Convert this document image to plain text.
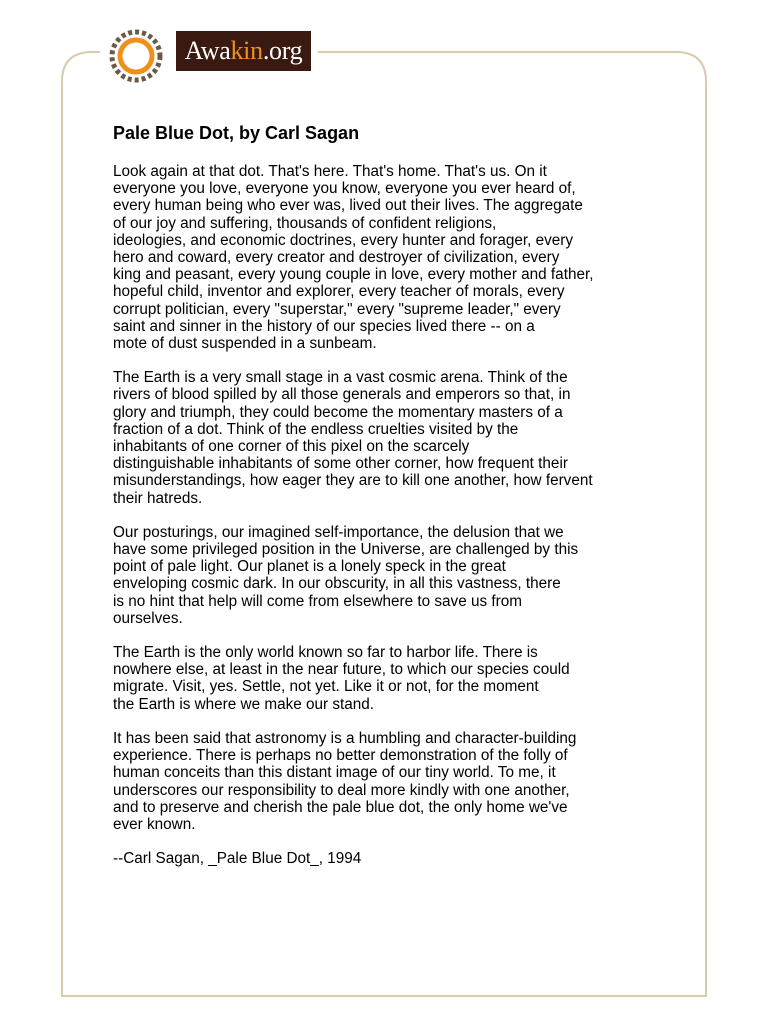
Awakin.org
Pale Blue Dot, by Carl Sagan

Look again at that dot. That's here. That's home. That's us. On it
everyone you love, everyone you know, everyone you ever heard of,
every human being who ever was, lived out their lives. The aggregate
of our joy and suffering, thousands of confident religions,
ideologies, and economic doctrines, every hunter and forager, every
hero and coward, every creator and destroyer of civilization, every
king and peasant, every young couple in love, every mother and father,
hopeful child, inventor and explorer, every teacher of morals, every
corrupt politician, every "superstar," every "supreme leader," every
saint and sinner in the history of our species lived there -- on a
mote of dust suspended in a sunbeam.

The Earth is a very small stage in a vast cosmic arena. Think of the
rivers of blood spilled by all those generals and emperors so that, in
glory and triumph, they could become the momentary masters of a
fraction of a dot. Think of the endless cruelties visited by the
inhabitants of one corner of this pixel on the scarcely
distinguishable inhabitants of some other corner, how frequent their
misunderstandings, how eager they are to kill one another, how fervent
their hatreds.

Our posturings, our imagined self-importance, the delusion that we
have some privileged position in the Universe, are challenged by this
point of pale light. Our planet is a lonely speck in the great
enveloping cosmic dark. In our obscurity, in all this vastness, there
is no hint that help will come from elsewhere to save us from
ourselves.

The Earth is the only world known so far to harbor life. There is
nowhere else, at least in the near future, to which our species could
migrate. Visit, yes. Settle, not yet. Like it or not, for the moment
the Earth is where we make our stand.

It has been said that astronomy is a humbling and character-building
experience. There is perhaps no better demonstration of the folly of
human conceits than this distant image of our tiny world. To me, it
underscores our responsibility to deal more kindly with one another,
and to preserve and cherish the pale blue dot, the only home we've
ever known.

--Carl Sagan, _Pale Blue Dot_, 1994
